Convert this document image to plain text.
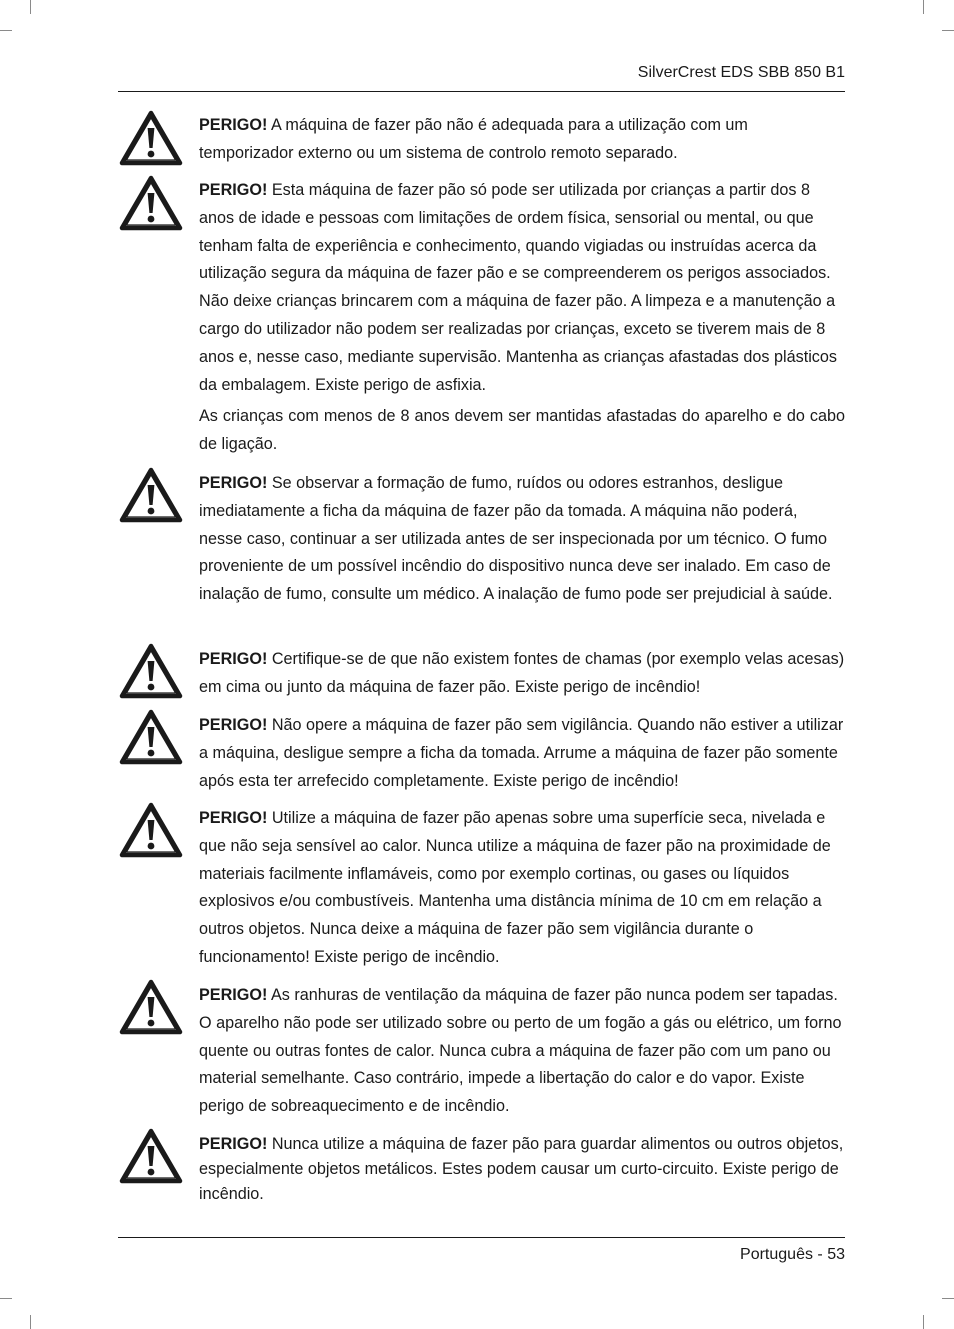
SilverCrest EDS SBB 850 B1

PERIGO! A máquina de fazer pão não é adequada para a utilização com um temporizador externo ou um sistema de controlo remoto separado.

PERIGO! Esta máquina de fazer pão só pode ser utilizada por crianças a partir dos 8 anos de idade e pessoas com limitações de ordem física, sensorial ou mental, ou que tenham falta de experiência e conhecimento, quando vigiadas ou instruídas acerca da utilização segura da máquina de fazer pão e se compreenderem os perigos associados. Não deixe crianças brincarem com a máquina de fazer pão. A limpeza e a manutenção a cargo do utilizador não podem ser realizadas por crianças, exceto se tiverem mais de 8 anos e, nesse caso, mediante supervisão. Mantenha as crianças afastadas dos plásticos da embalagem. Existe perigo de asfixia.

As crianças com menos de 8 anos devem ser mantidas afastadas do aparelho e do cabo de ligação.

PERIGO! Se observar a formação de fumo, ruídos ou odores estranhos, desligue imediatamente a ficha da máquina de fazer pão da tomada. A máquina não poderá, nesse caso, continuar a ser utilizada antes de ser inspecionada por um técnico. O fumo proveniente de um possível incêndio do dispositivo nunca deve ser inalado. Em caso de inalação de fumo, consulte um médico. A inalação de fumo pode ser prejudicial à saúde.

PERIGO! Certifique-se de que não existem fontes de chamas (por exemplo velas acesas) em cima ou junto da máquina de fazer pão. Existe perigo de incêndio!

PERIGO! Não opere a máquina de fazer pão sem vigilância. Quando não estiver a utilizar a máquina, desligue sempre a ficha da tomada. Arrume a máquina de fazer pão somente após esta ter arrefecido completamente. Existe perigo de incêndio!

PERIGO! Utilize a máquina de fazer pão apenas sobre uma superfície seca, nivelada e que não seja sensível ao calor. Nunca utilize a máquina de fazer pão na proximidade de materiais facilmente inflamáveis, como por exemplo cortinas, ou gases ou líquidos explosivos e/ou combustíveis. Mantenha uma distância mínima de 10 cm em relação a outros objetos. Nunca deixe a máquina de fazer pão sem vigilância durante o funcionamento! Existe perigo de incêndio.

PERIGO! As ranhuras de ventilação da máquina de fazer pão nunca podem ser tapadas. O aparelho não pode ser utilizado sobre ou perto de um fogão a gás ou elétrico, um forno quente ou outras fontes de calor. Nunca cubra a máquina de fazer pão com um pano ou material semelhante. Caso contrário, impede a libertação do calor e do vapor. Existe perigo de sobreaquecimento e de incêndio.

PERIGO! Nunca utilize a máquina de fazer pão para guardar alimentos ou outros objetos, especialmente objetos metálicos. Estes podem causar um curto-circuito. Existe perigo de incêndio.

Português - 53
